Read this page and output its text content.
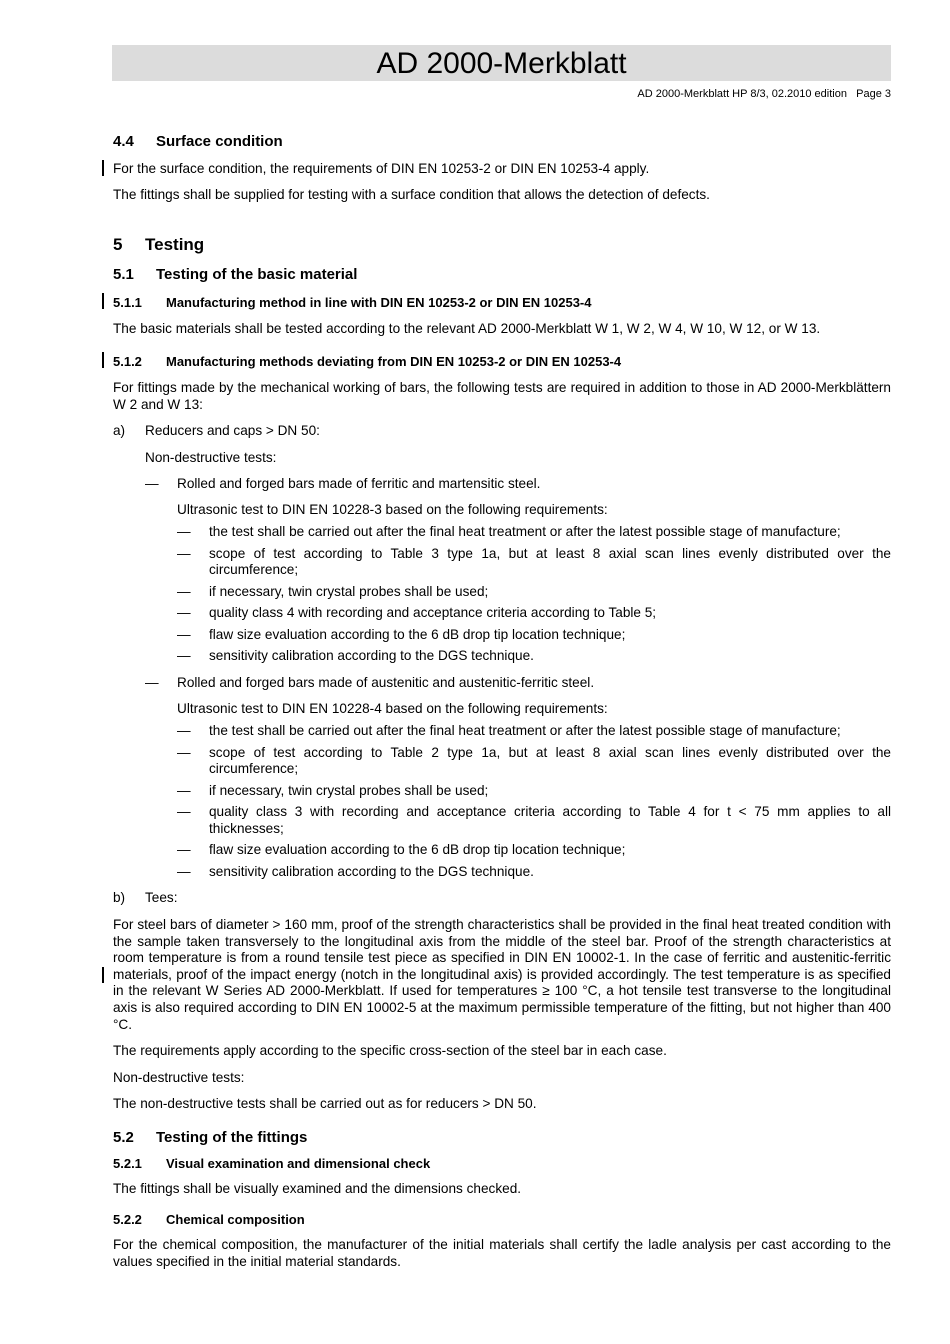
AD 2000-Merkblatt
AD 2000-Merkblatt HP 8/3, 02.2010 edition   Page 3
4.4 Surface condition

For the surface condition, the requirements of DIN EN 10253-2 or DIN EN 10253-4 apply.

The fittings shall be supplied for testing with a surface condition that allows the detection of defects.

5 Testing
5.1 Testing of the basic material
5.1.1 Manufacturing method in line with DIN EN 10253-2 or DIN EN 10253-4

The basic materials shall be tested according to the relevant AD 2000-Merkblatt W 1, W 2, W 4, W 10, W 12, or W 13.

5.1.2 Manufacturing methods deviating from DIN EN 10253-2 or DIN EN 10253-4

For fittings made by the mechanical working of bars, the following tests are required in addition to those in AD 2000-Merkblättern W 2 and W 13:

a) Reducers and caps > DN 50:

Non-destructive tests:

— Rolled and forged bars made of ferritic and martensitic steel.

Ultrasonic test to DIN EN 10228-3 based on the following requirements:

— the test shall be carried out after the final heat treatment or after the latest possible stage of manufacture;
— scope of test according to Table 3 type 1a, but at least 8 axial scan lines evenly distributed over the circumference;
— if necessary, twin crystal probes shall be used;
— quality class 4 with recording and acceptance criteria according to Table 5;
— flaw size evaluation according to the 6 dB drop tip location technique;
— sensitivity calibration according to the DGS technique.
— Rolled and forged bars made of austenitic and austenitic-ferritic steel.

Ultrasonic test to DIN EN 10228-4 based on the following requirements:

— the test shall be carried out after the final heat treatment or after the latest possible stage of manufacture;
— scope of test according to Table 2 type 1a, but at least 8 axial scan lines evenly distributed over the circumference;
— if necessary, twin crystal probes shall be used;
— quality class 3 with recording and acceptance criteria according to Table 4 for t < 75 mm applies to all thicknesses;
— flaw size evaluation according to the 6 dB drop tip location technique;
— sensitivity calibration according to the DGS technique.
b) Tees:

For steel bars of diameter > 160 mm, proof of the strength characteristics shall be provided in the final heat treated condition with the sample taken transversely to the longitudinal axis from the middle of the steel bar. Proof of the strength characteristics at room temperature is from a round tensile test piece as specified in DIN EN 10002-1. In the case of ferritic and austenitic-ferritic materials, proof of the impact energy (notch in the longitudinal axis) is provided accordingly. The test temperature is as specified in the relevant W Series AD 2000-Merkblatt. If used for temperatures ≥ 100 °C, a hot tensile test transverse to the longitudinal axis is also required according to DIN EN 10002-5 at the maximum permissible temperature of the fitting, but not higher than 400 °C.

The requirements apply according to the specific cross-section of the steel bar in each case.

Non-destructive tests:

The non-destructive tests shall be carried out as for reducers > DN 50.

5.2 Testing of the fittings
5.2.1 Visual examination and dimensional check

The fittings shall be visually examined and the dimensions checked.

5.2.2 Chemical composition

For the chemical composition, the manufacturer of the initial materials shall certify the ladle analysis per cast according to the values specified in the initial material standards.
